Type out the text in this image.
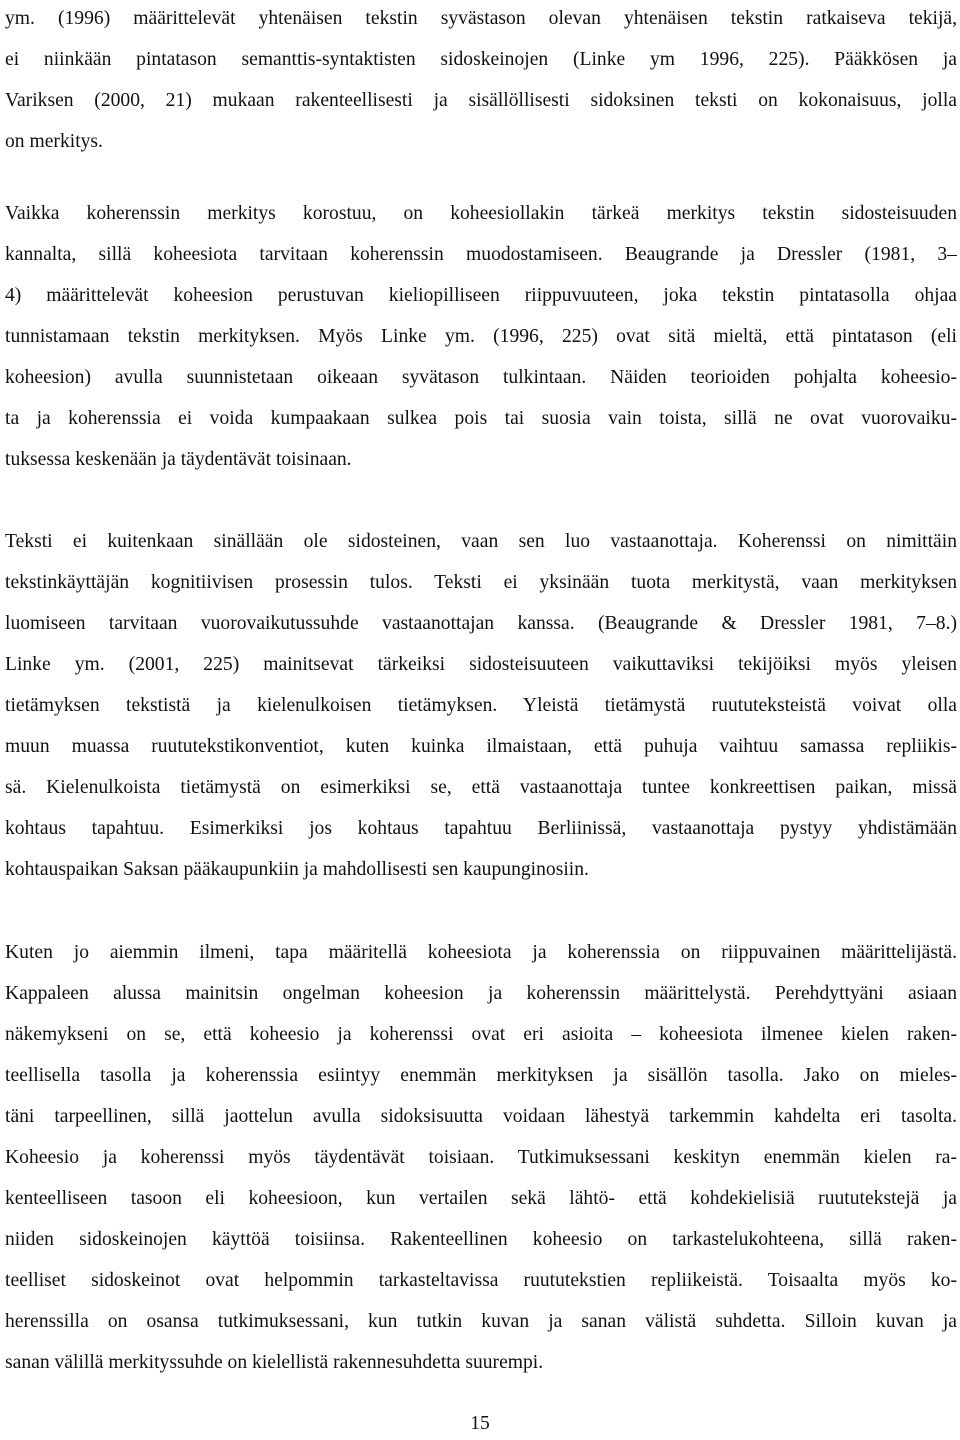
ym. (1996) määrittelevät yhtenäisen tekstin syvästason olevan yhtenäisen tekstin ratkaiseva tekijä,
ei niinkään pintatason semanttis-syntaktisten sidoskeinojen (Linke ym 1996, 225). Pääkkösen ja
Variksen (2000, 21) mukaan rakenteellisesti ja sisällöllisesti sidoksinen teksti on kokonaisuus, jolla
on merkitys.
Vaikka koherenssin merkitys korostuu, on koheesiollakin tärkeä merkitys tekstin sidosteisuuden
kannalta, sillä koheesiota tarvitaan koherenssin muodostamiseen. Beaugrande ja Dressler (1981, 3–
4) määrittelevät koheesion perustuvan kieliopilliseen riippuvuuteen, joka tekstin pintatasolla ohjaa
tunnistamaan tekstin merkityksen. Myös Linke ym. (1996, 225) ovat sitä mieltä, että pintatason (eli
koheesion) avulla suunnistetaan oikeaan syvätason tulkintaan. Näiden teorioiden pohjalta koheesio-
ta ja koherenssia ei voida kumpaakaan sulkea pois tai suosia vain toista, sillä ne ovat vuorovaiku-
tuksessa keskenään ja täydentävät toisinaan.
Teksti ei kuitenkaan sinällään ole sidosteinen, vaan sen luo vastaanottaja. Koherenssi on nimittäin
tekstinkäyttäjän kognitiivisen prosessin tulos. Teksti ei yksinään tuota merkitystä, vaan merkityksen
luomiseen tarvitaan vuorovaikutussuhde vastaanottajan kanssa. (Beaugrande & Dressler 1981, 7–8.)
Linke ym. (2001, 225) mainitsevat tärkeiksi sidosteisuuteen vaikuttaviksi tekijöiksi myös yleisen
tietämyksen tekstistä ja kielenulkoisen tietämyksen. Yleistä tietämystä ruututeksteistä voivat olla
muun muassa ruututekstikonventiot, kuten kuinka ilmaistaan, että puhuja vaihtuu samassa repliikis-
sä. Kielenulkoista tietämystä on esimerkiksi se, että vastaanottaja tuntee konkreettisen paikan, missä
kohtaus tapahtuu. Esimerkiksi jos kohtaus tapahtuu Berliinissä, vastaanottaja pystyy yhdistämään
kohtauspaikan Saksan pääkaupunkiin ja mahdollisesti sen kaupunginosiin.
Kuten jo aiemmin ilmeni, tapa määritellä koheesiota ja koherenssia on riippuvainen määrittelijästä.
Kappaleen alussa mainitsin ongelman koheesion ja koherenssin määrittelystä. Perehdyttyäni asiaan
näkemykseni on se, että koheesio ja koherenssi ovat eri asioita – koheesiota ilmenee kielen raken-
teellisella tasolla ja koherenssia esiintyy enemmän merkityksen ja sisällön tasolla. Jako on mieles-
täni tarpeellinen, sillä jaottelun avulla sidoksisuutta voidaan lähestyä tarkemmin kahdelta eri tasolta.
Koheesio ja koherenssi myös täydentävät toisiaan. Tutkimuksessani keskityn enemmän kielen ra-
kenteelliseen tasoon eli koheesioon, kun vertailen sekä lähtö- että kohdekielisiä ruututekstejä ja
niiden sidoskeinojen käyttöä toisiinsa. Rakenteellinen koheesio on tarkastelukohteena, sillä raken-
teelliset sidoskeinot ovat helpommin tarkasteltavissa ruututekstien repliikeistä. Toisaalta myös ko-
herenssilla on osansa tutkimuksessani, kun tutkin kuvan ja sanan välistä suhdetta. Silloin kuvan ja
sanan välillä merkityssuhde on kielellistä rakennesuhdetta suurempi.
15
